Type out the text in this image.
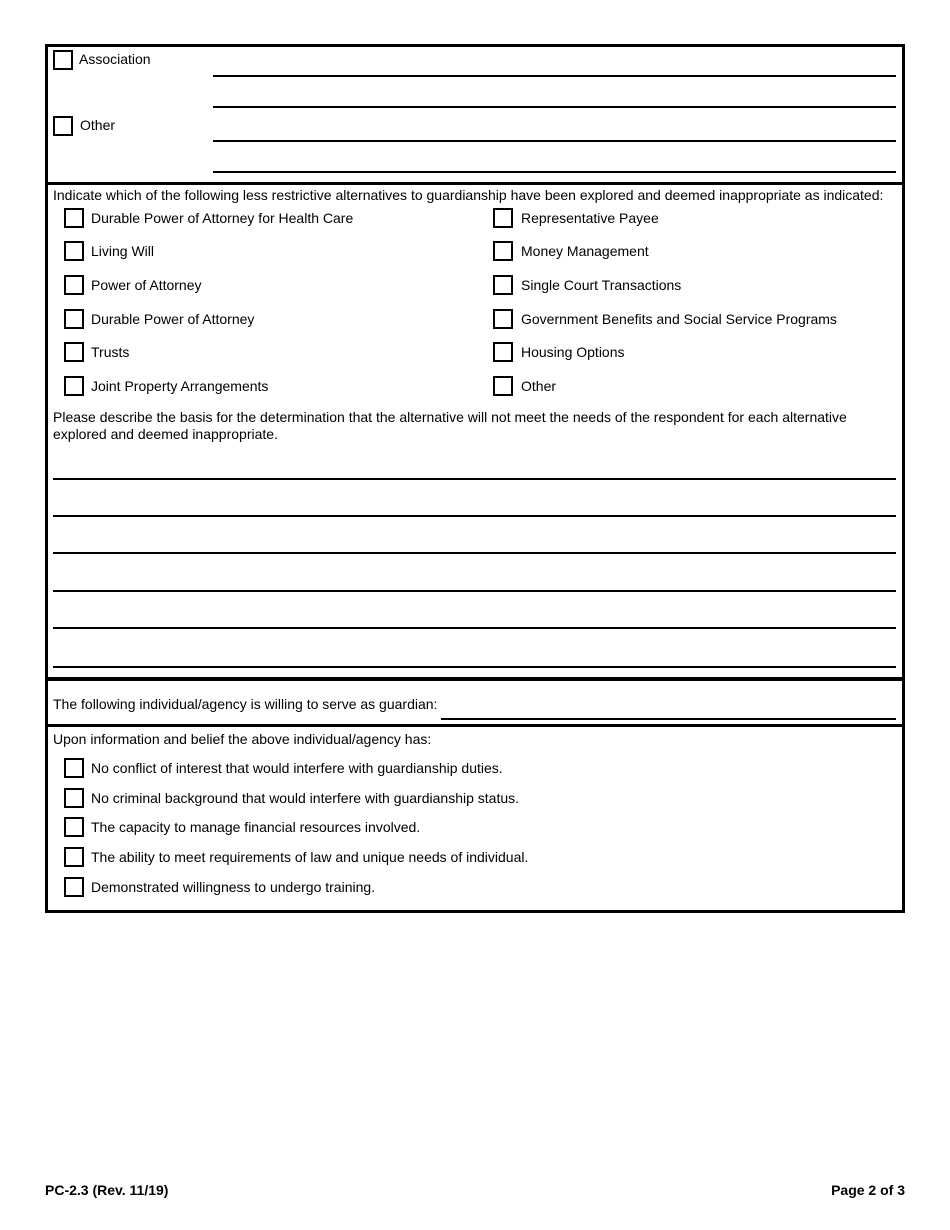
Association
Other
Indicate which of the following less restrictive alternatives to guardianship have been explored and deemed inappropriate as indicated:
Durable Power of Attorney for Health Care
Living Will
Power of Attorney
Durable Power of Attorney
Trusts
Joint Property Arrangements
Representative Payee
Money Management
Single Court Transactions
Government Benefits and Social Service Programs
Housing Options
Other
Please describe the basis for the determination that the alternative will not meet the needs of the respondent for each alternative explored and deemed inappropriate.
The following individual/agency is willing to serve as guardian:
Upon information and belief the above individual/agency has:
No conflict of interest that would interfere with guardianship duties.
No criminal background that would interfere with guardianship status.
The capacity to manage financial resources involved.
The ability to meet requirements of law and unique needs of individual.
Demonstrated willingness to undergo training.
PC-2.3 (Rev. 11/19)	Page 2 of 3
